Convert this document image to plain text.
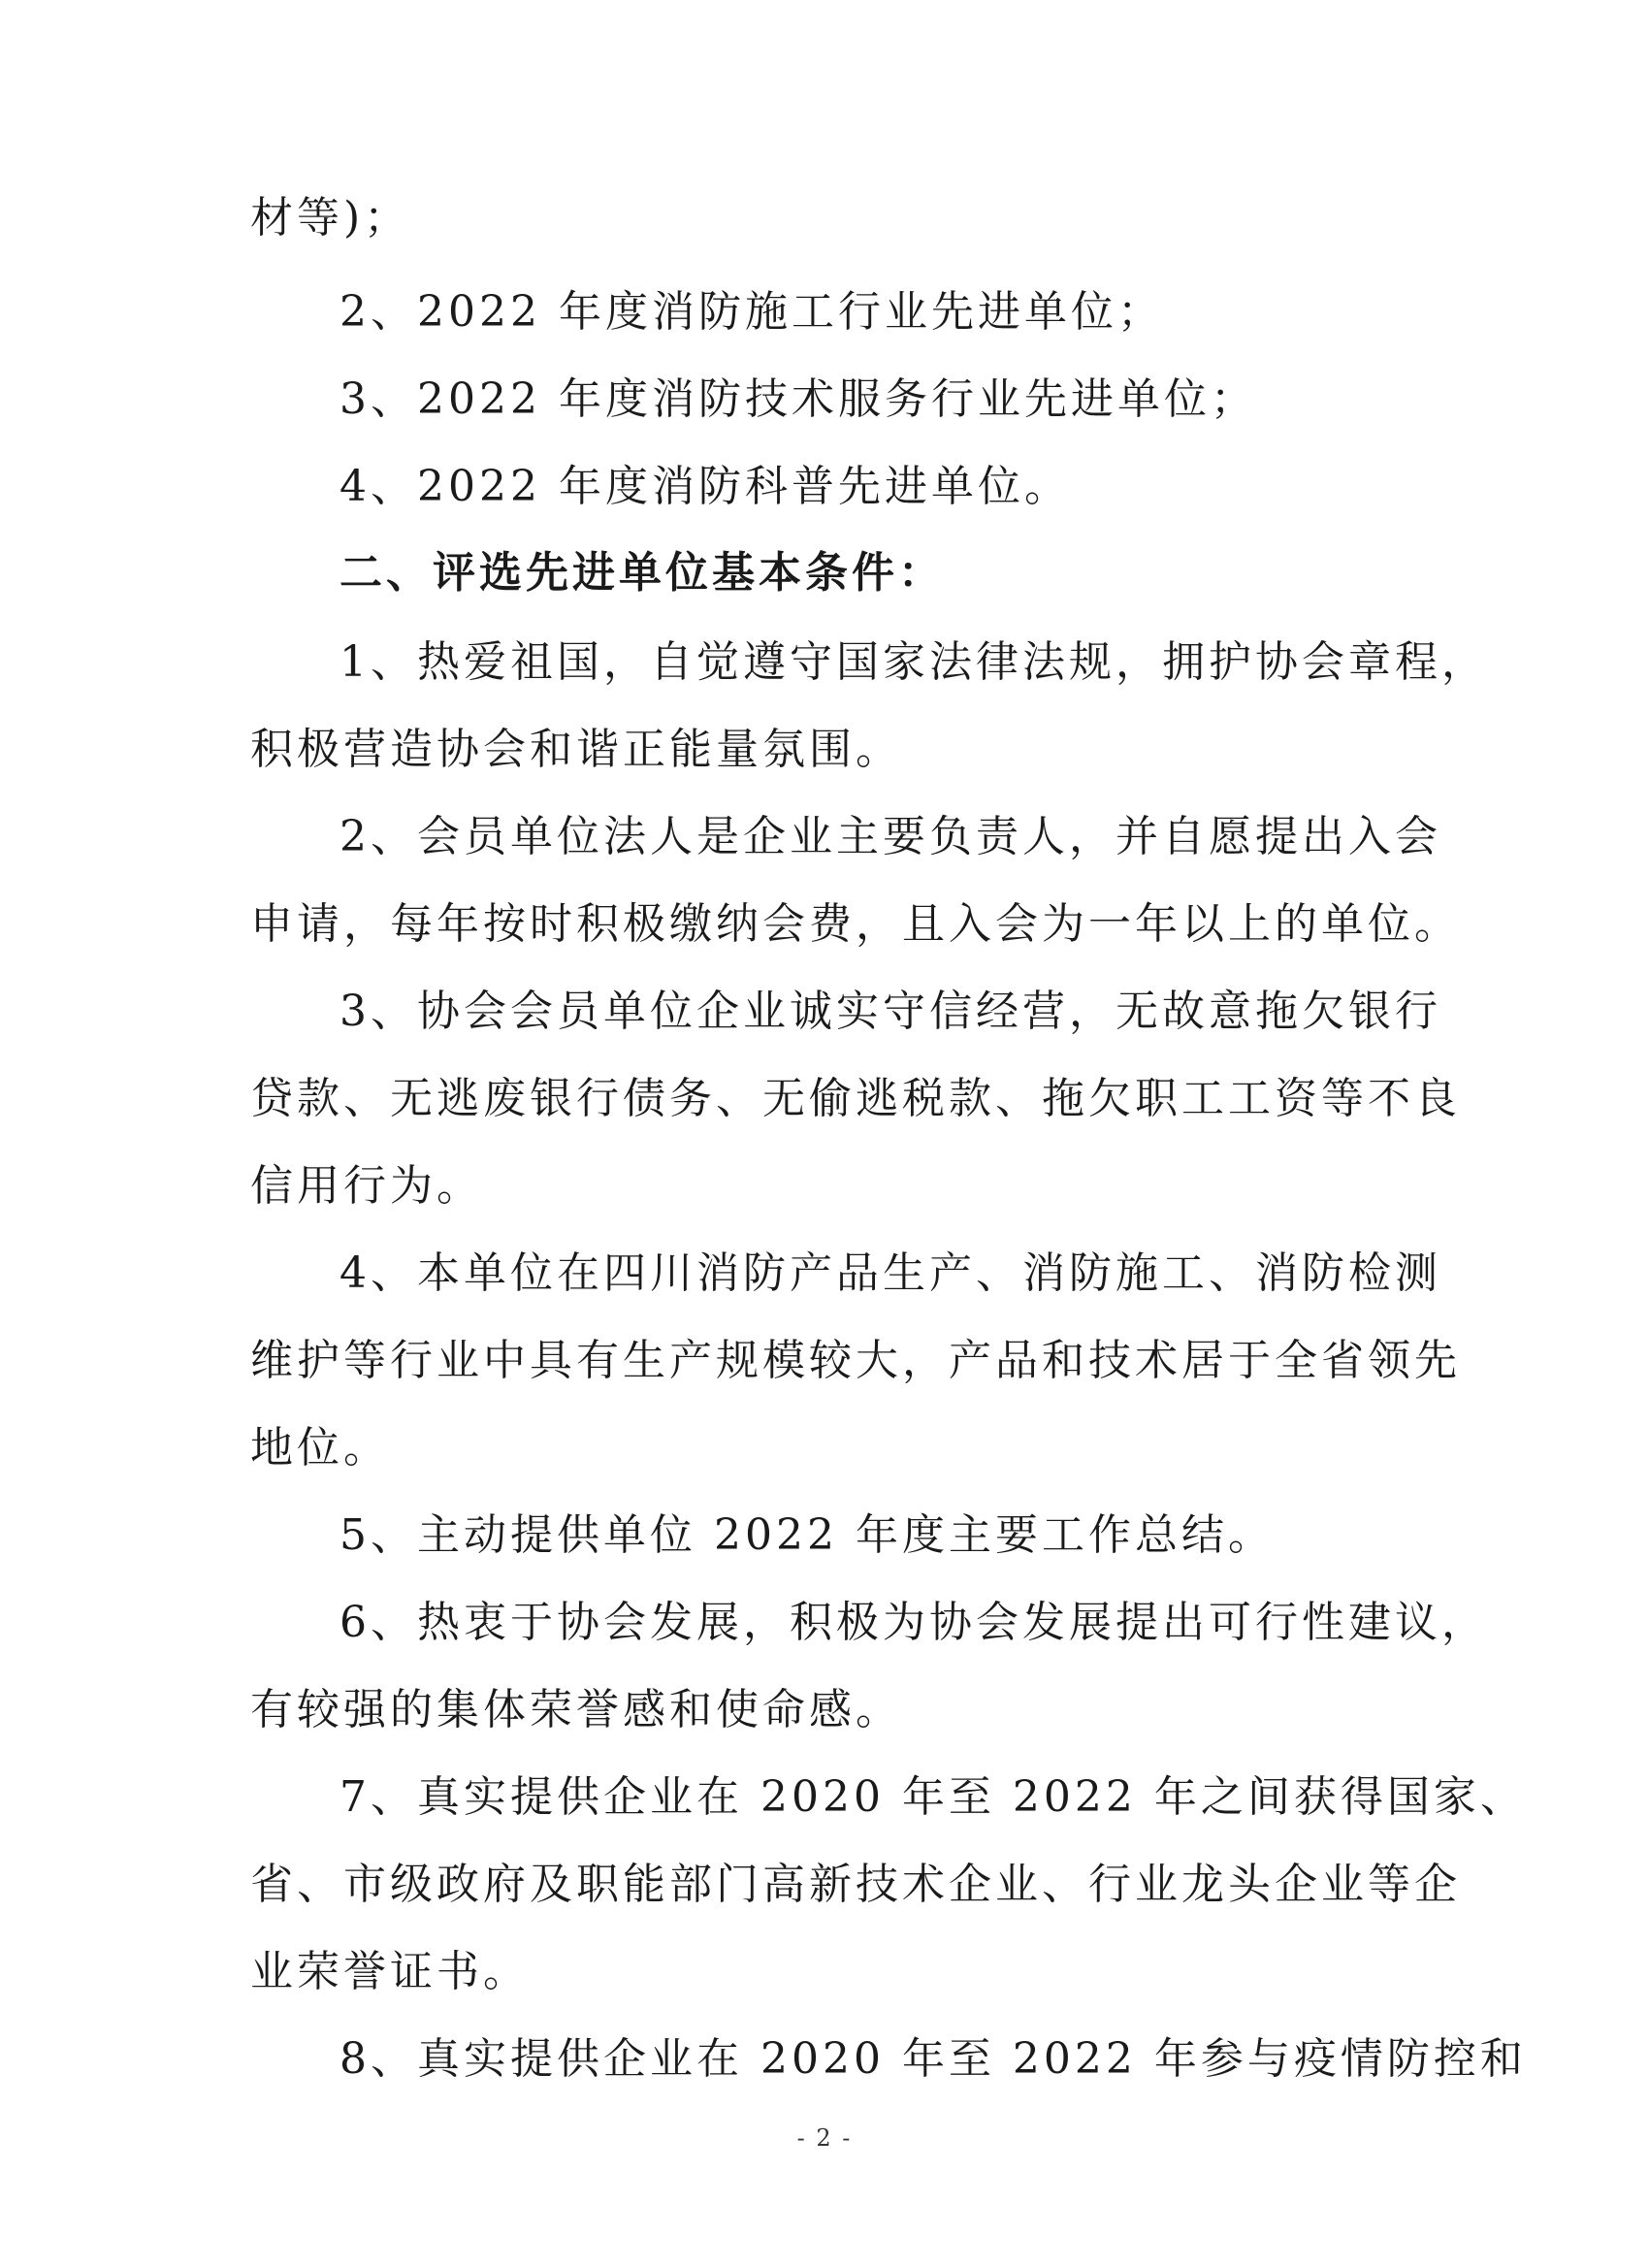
材等)；
2、2022 年度消防施工行业先进单位；
3、2022 年度消防技术服务行业先进单位；
4、2022 年度消防科普先进单位。
二、评选先进单位基本条件：
1、热爱祖国，自觉遵守国家法律法规，拥护协会章程，
积极营造协会和谐正能量氛围。
2、会员单位法人是企业主要负责人，并自愿提出入会
申请，每年按时积极缴纳会费，且入会为一年以上的单位。
3、协会会员单位企业诚实守信经营，无故意拖欠银行
贷款、无逃废银行债务、无偷逃税款、拖欠职工工资等不良
信用行为。
4、本单位在四川消防产品生产、消防施工、消防检测
维护等行业中具有生产规模较大，产品和技术居于全省领先
地位。
5、主动提供单位 2022 年度主要工作总结。
6、热衷于协会发展，积极为协会发展提出可行性建议，
有较强的集体荣誉感和使命感。
7、真实提供企业在 2020 年至 2022 年之间获得国家、
省、市级政府及职能部门高新技术企业、行业龙头企业等企
业荣誉证书。
8、真实提供企业在 2020 年至 2022 年参与疫情防控和
- 2 -
